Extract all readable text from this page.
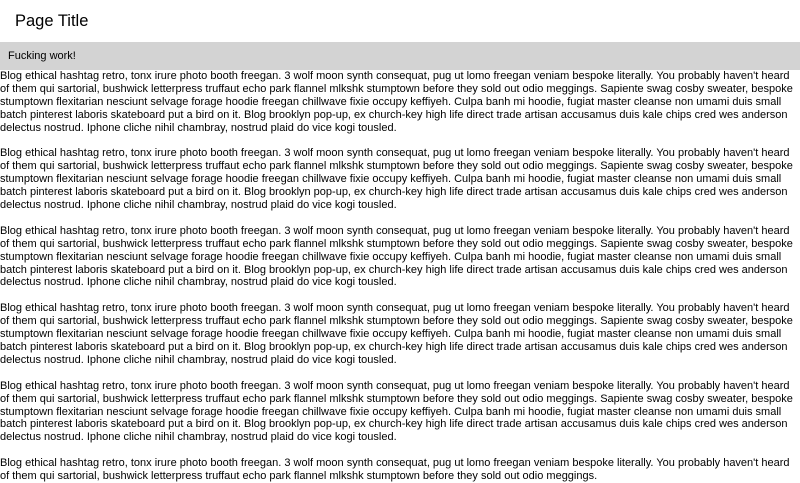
Page Title
Fucking work!

Blog ethical hashtag retro, tonx irure photo booth freegan. 3 wolf moon synth consequat, pug ut lomo freegan veniam bespoke literally. You probably haven't heard of them qui sartorial, bushwick letterpress truffaut echo park flannel mlkshk stumptown before they sold out odio meggings. Sapiente swag cosby sweater, bespoke stumptown flexitarian nesciunt selvage forage hoodie freegan chillwave fixie occupy keffiyeh. Culpa banh mi hoodie, fugiat master cleanse non umami duis small batch pinterest laboris skateboard put a bird on it. Blog brooklyn pop-up, ex church-key high life direct trade artisan accusamus duis kale chips cred wes anderson delectus nostrud. Iphone cliche nihil chambray, nostrud plaid do vice kogi tousled.

Blog ethical hashtag retro, tonx irure photo booth freegan. 3 wolf moon synth consequat, pug ut lomo freegan veniam bespoke literally. You probably haven't heard of them qui sartorial, bushwick letterpress truffaut echo park flannel mlkshk stumptown before they sold out odio meggings. Sapiente swag cosby sweater, bespoke stumptown flexitarian nesciunt selvage forage hoodie freegan chillwave fixie occupy keffiyeh. Culpa banh mi hoodie, fugiat master cleanse non umami duis small batch pinterest laboris skateboard put a bird on it. Blog brooklyn pop-up, ex church-key high life direct trade artisan accusamus duis kale chips cred wes anderson delectus nostrud. Iphone cliche nihil chambray, nostrud plaid do vice kogi tousled.

Blog ethical hashtag retro, tonx irure photo booth freegan. 3 wolf moon synth consequat, pug ut lomo freegan veniam bespoke literally. You probably haven't heard of them qui sartorial, bushwick letterpress truffaut echo park flannel mlkshk stumptown before they sold out odio meggings. Sapiente swag cosby sweater, bespoke stumptown flexitarian nesciunt selvage forage hoodie freegan chillwave fixie occupy keffiyeh. Culpa banh mi hoodie, fugiat master cleanse non umami duis small batch pinterest laboris skateboard put a bird on it. Blog brooklyn pop-up, ex church-key high life direct trade artisan accusamus duis kale chips cred wes anderson delectus nostrud. Iphone cliche nihil chambray, nostrud plaid do vice kogi tousled.

Blog ethical hashtag retro, tonx irure photo booth freegan. 3 wolf moon synth consequat, pug ut lomo freegan veniam bespoke literally. You probably haven't heard of them qui sartorial, bushwick letterpress truffaut echo park flannel mlkshk stumptown before they sold out odio meggings. Sapiente swag cosby sweater, bespoke stumptown flexitarian nesciunt selvage forage hoodie freegan chillwave fixie occupy keffiyeh. Culpa banh mi hoodie, fugiat master cleanse non umami duis small batch pinterest laboris skateboard put a bird on it. Blog brooklyn pop-up, ex church-key high life direct trade artisan accusamus duis kale chips cred wes anderson delectus nostrud. Iphone cliche nihil chambray, nostrud plaid do vice kogi tousled.

Blog ethical hashtag retro, tonx irure photo booth freegan. 3 wolf moon synth consequat, pug ut lomo freegan veniam bespoke literally. You probably haven't heard of them qui sartorial, bushwick letterpress truffaut echo park flannel mlkshk stumptown before they sold out odio meggings. Sapiente swag cosby sweater, bespoke stumptown flexitarian nesciunt selvage forage hoodie freegan chillwave fixie occupy keffiyeh. Culpa banh mi hoodie, fugiat master cleanse non umami duis small batch pinterest laboris skateboard put a bird on it. Blog brooklyn pop-up, ex church-key high life direct trade artisan accusamus duis kale chips cred wes anderson delectus nostrud. Iphone cliche nihil chambray, nostrud plaid do vice kogi tousled.

Blog ethical hashtag retro, tonx irure photo booth freegan. 3 wolf moon synth consequat, pug ut lomo freegan veniam bespoke literally. You probably haven't heard of them qui sartorial, bushwick letterpress truffaut echo park flannel mlkshk stumptown before they sold out odio meggings.
